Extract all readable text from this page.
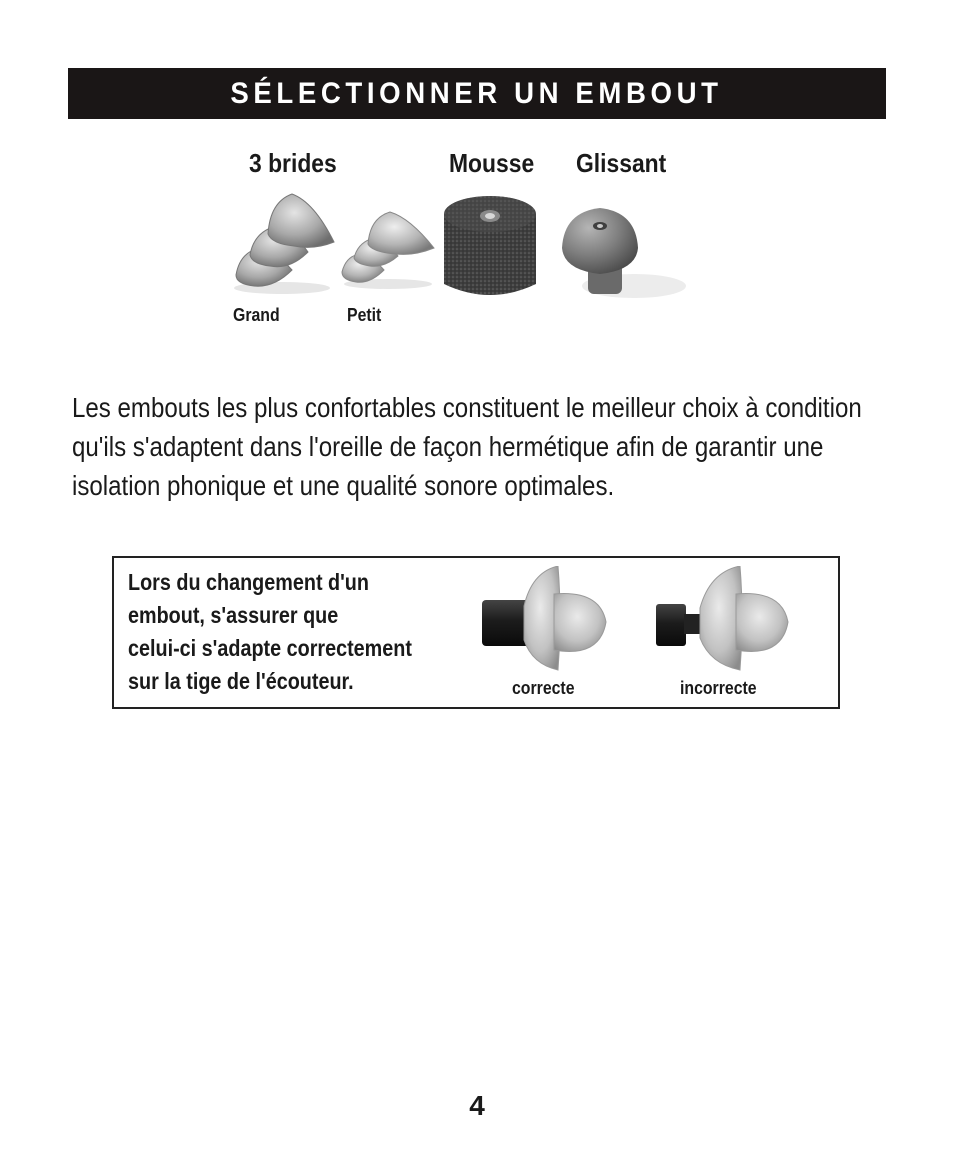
SÉLECTIONNER UN EMBOUT
3 brides	Mousse Glissant
Grand	Petit

Les embouts les plus confortables constituent le meilleur choix à condition
qu'ils s'adaptent dans l'oreille de façon hermétique afin de garantir une
isolation phonique et une qualité sonore optimales.

Lors du changement d'un
embout, s'assurer que
celui-ci s'adapte correctement
sur la tige de l'écouteur.	correcte	incorrecte
4
